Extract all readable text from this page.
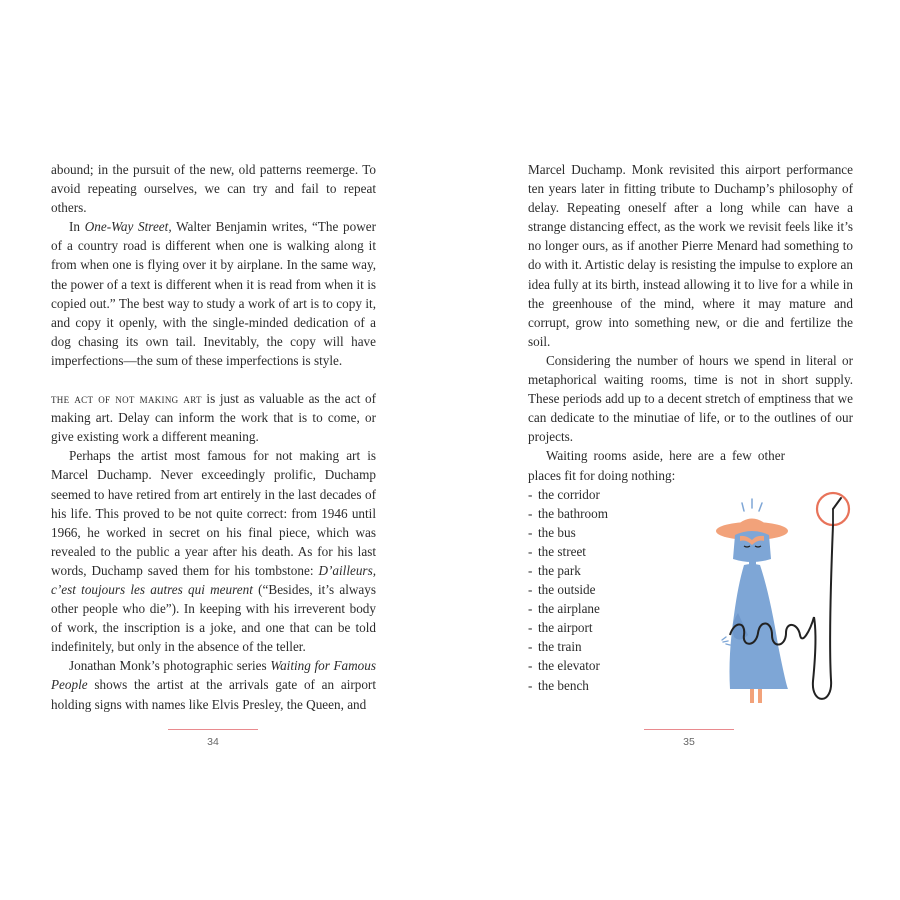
abound; in the pursuit of the new, old patterns reemerge. To avoid repeating ourselves, we can try and fail to repeat others.

In One-Way Street, Walter Benjamin writes, “The power of a country road is different when one is walking along it from when one is flying over it by airplane. In the same way, the power of a text is different when it is read from when it is copied out.” The best way to study a work of art is to copy it, and copy it openly, with the single-minded dedication of a dog chasing its own tail. Inevitably, the copy will have imperfections—the sum of these imperfections is style.

the act of not making art is just as valuable as the act of making art. Delay can inform the work that is to come, or give existing work a different meaning.

Perhaps the artist most famous for not making art is Marcel Duchamp. Never exceedingly prolific, Duchamp seemed to have retired from art entirely in the last decades of his life. This proved to be not quite correct: from 1946 until 1966, he worked in secret on his final piece, which was revealed to the public a year after his death. As for his last words, Duchamp saved them for his tombstone: D’ailleurs, c’est toujours les autres qui meurent (“Besides, it’s always other people who die”). In keeping with his irreverent body of work, the inscription is a joke, and one that can be told indefinitely, but only in the absence of the teller.

Jonathan Monk’s photographic series Waiting for Famous People shows the artist at the arrivals gate of an airport holding signs with names like Elvis Presley, the Queen, and

34

Marcel Duchamp. Monk revisited this airport performance ten years later in fitting tribute to Duchamp’s philosophy of delay. Repeating oneself after a long while can have a strange distancing effect, as the work we revisit feels like it’s no longer ours, as if another Pierre Menard had something to do with it. Artistic delay is resisting the impulse to explore an idea fully at its birth, instead allowing it to live for a while in the greenhouse of the mind, where it may mature and corrupt, grow into something new, or die and fertilize the soil.

Considering the number of hours we spend in literal or metaphorical waiting rooms, time is not in short supply. These periods add up to a decent stretch of emptiness that we can dedicate to the minutiae of life, or to the outlines of our projects.

Waiting rooms aside, here are a few other places fit for doing nothing:

- the corridor
- the bathroom
- the bus
- the street
- the park
- the outside
- the airplane
- the airport
- the train
- the elevator
- the bench
35
